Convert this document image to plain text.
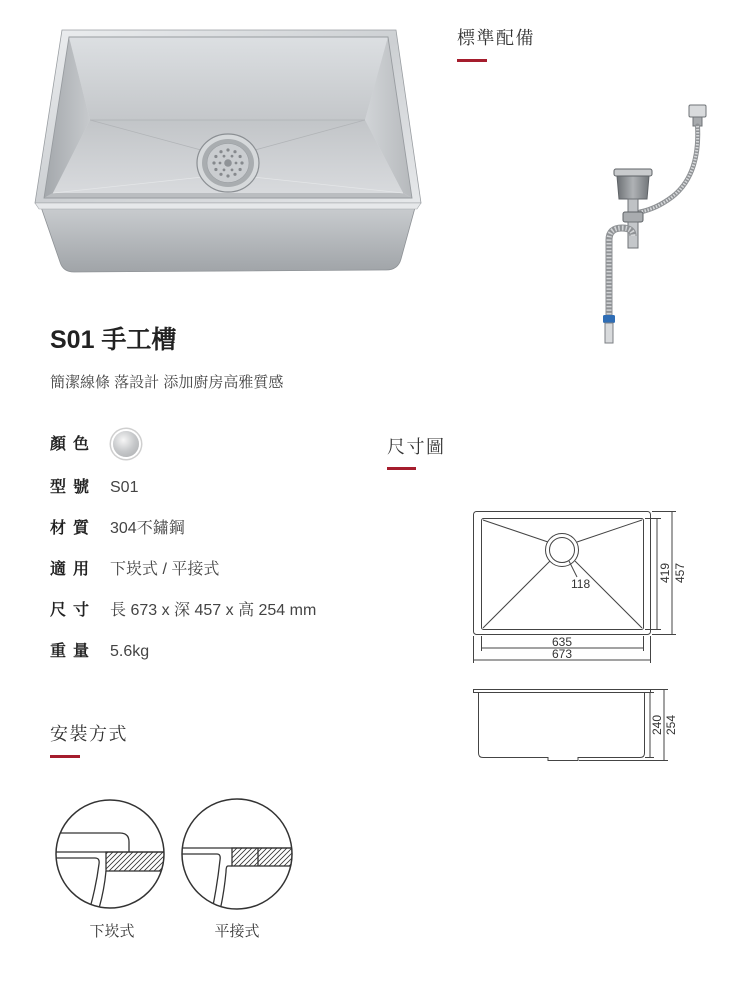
標準配備
S01 手工槽

簡潔線條 落設計 添加廚房高雅質感

顏色
型號 S01
材質 304不鏽鋼
適用 下崁式 / 平接式
尺寸 長 673 x 深 457 x 高 254 mm
重量 5.6kg
尺寸圖
118
635
673
419 457
240 254
安裝方式
下崁式	平接式
